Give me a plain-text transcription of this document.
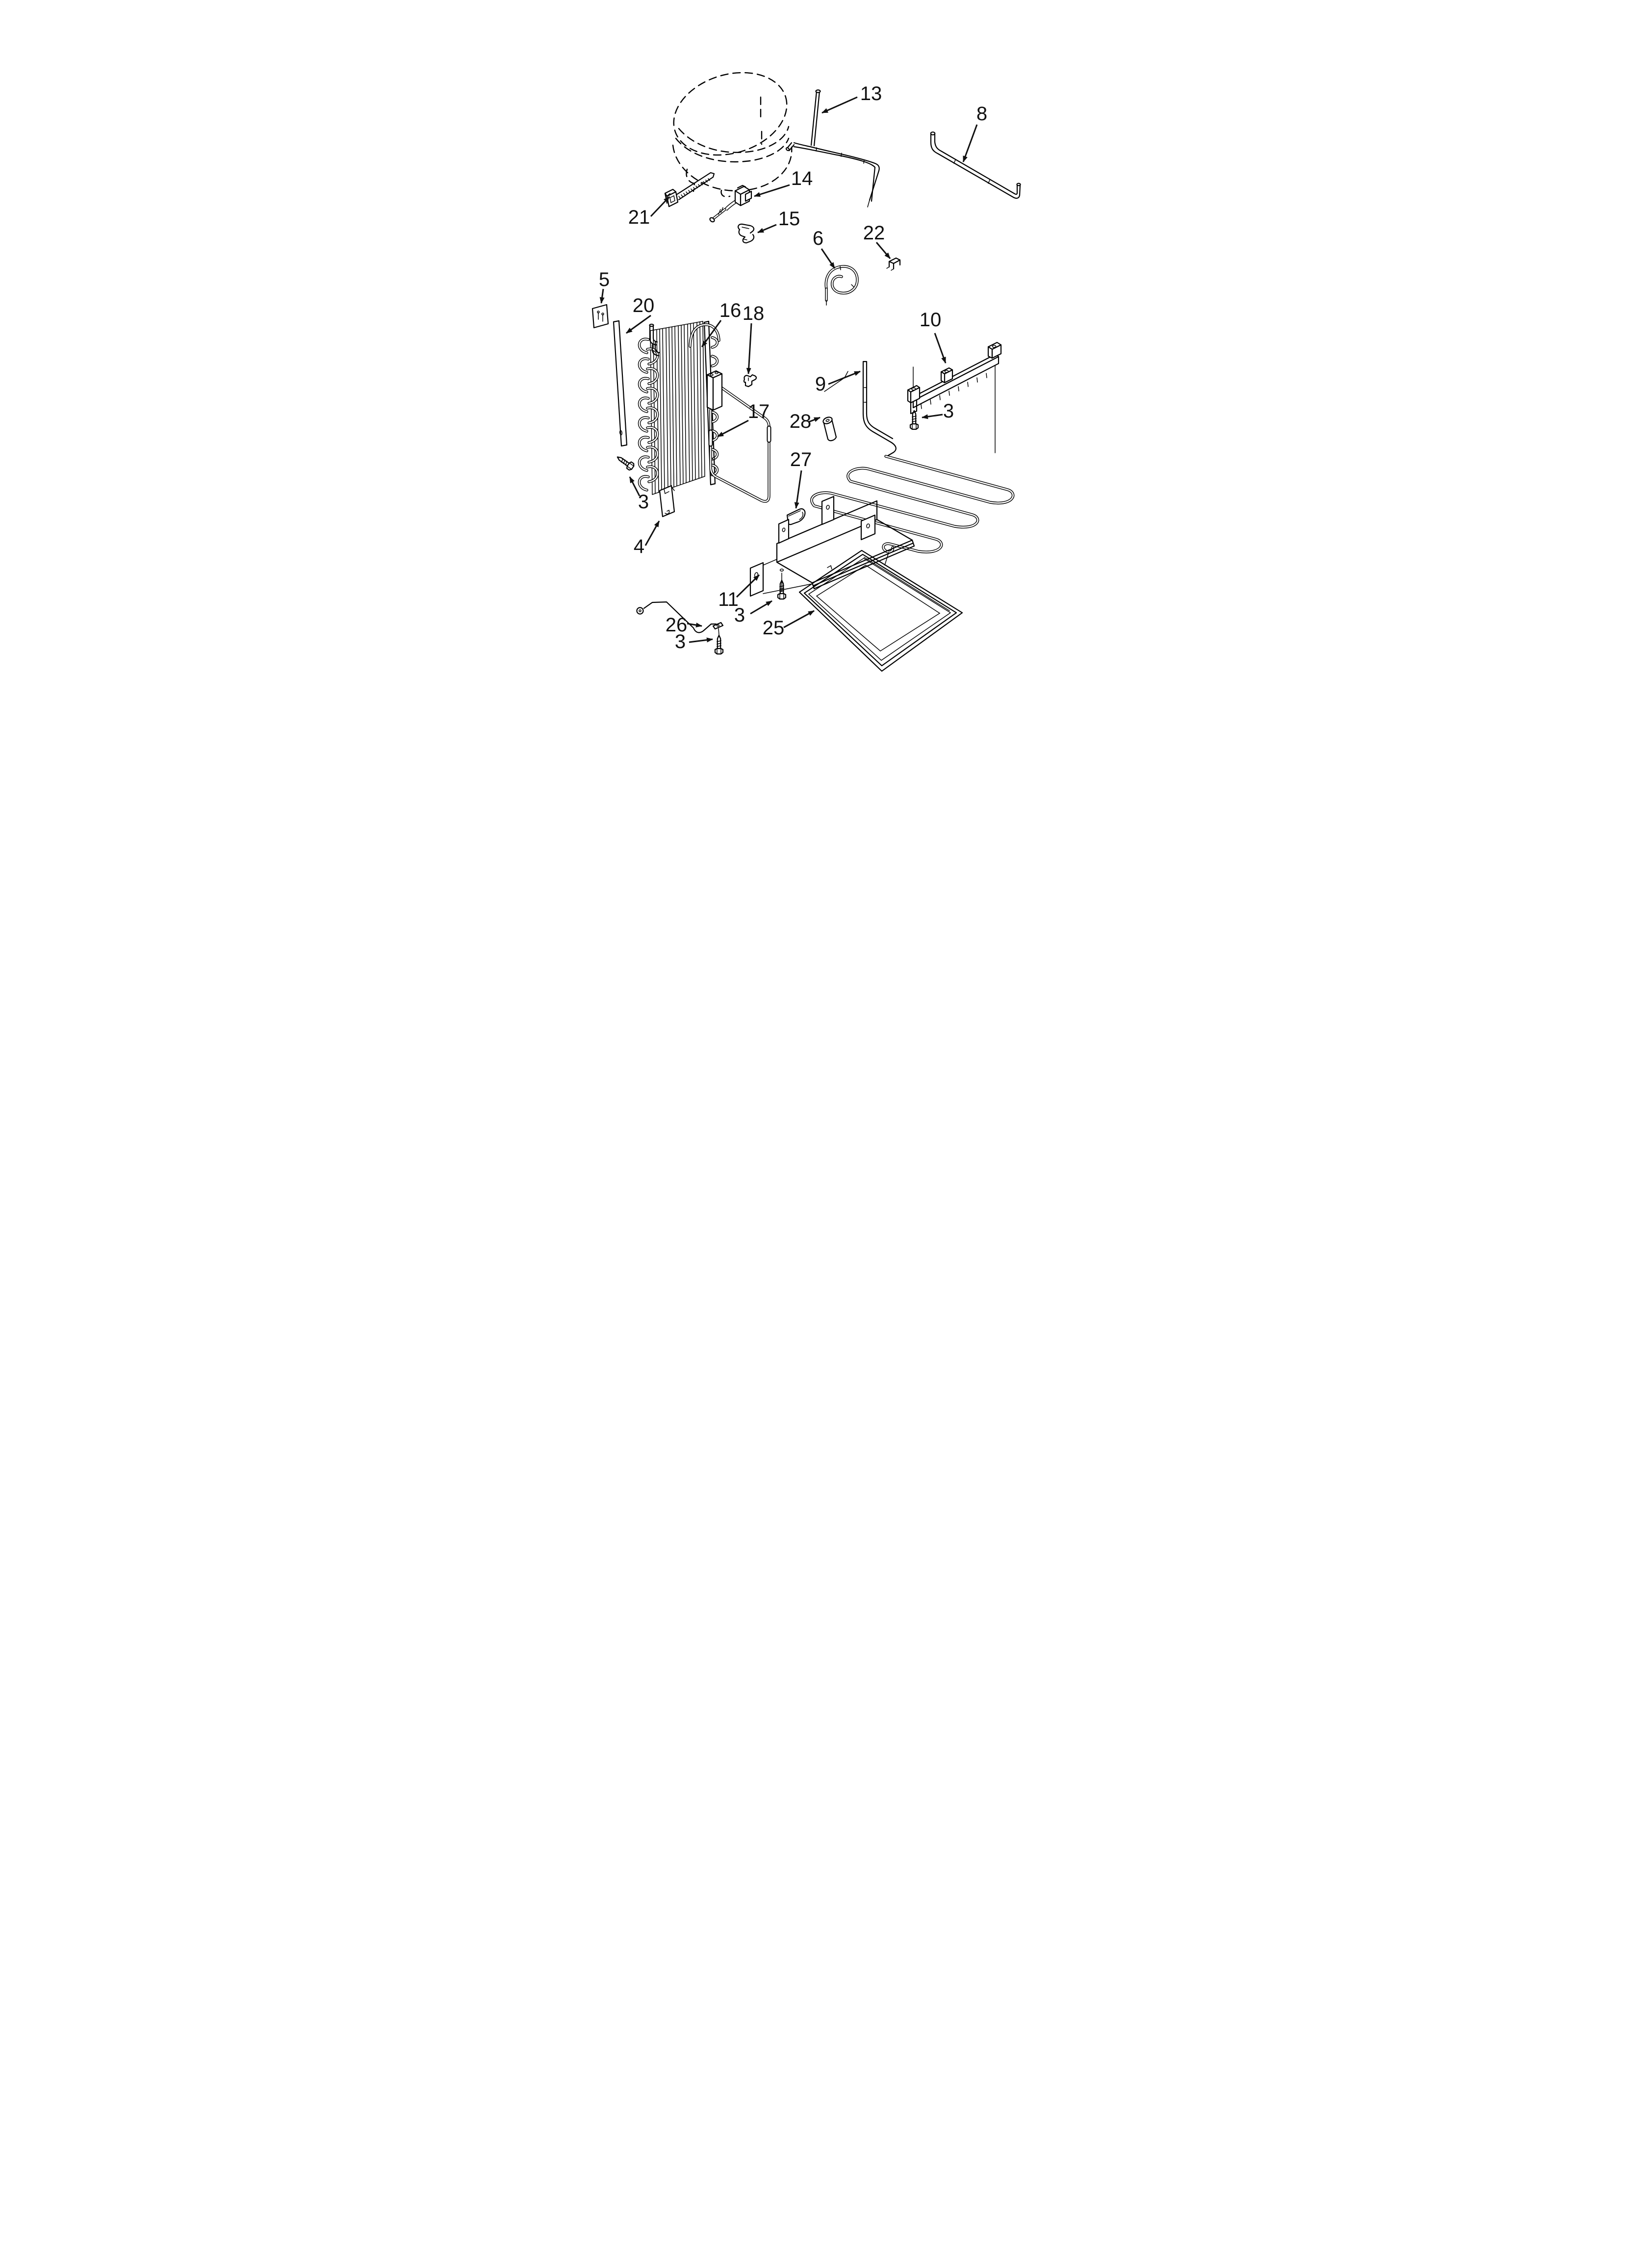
13
8
21
14
15
6 22
5
20	16 18
17
9
10
3
28
27
3
4
11
3
25
26
3
